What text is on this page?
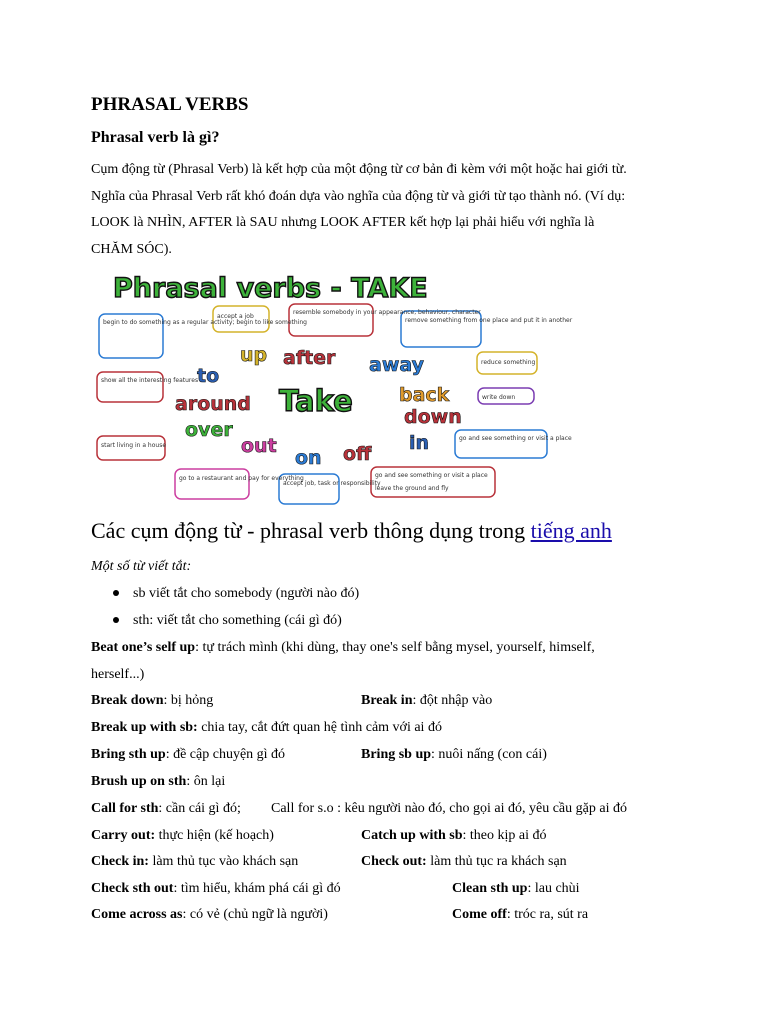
PHRASAL VERBS
Phrasal verb là gì?
Cụm động từ (Phrasal Verb) là kết hợp của một động từ cơ bản đi kèm với một hoặc hai giới từ.
Nghĩa của Phrasal Verb rất khó đoán dựa vào nghĩa của động từ và giới từ tạo thành nó. (Ví dụ:
LOOK là NHÌN, AFTER là SAU nhưng LOOK AFTER kết hợp lại phải hiểu với nghĩa là
CHĂM SÓC).
Phrasal verbs - TAKE
begin to do something as a regular activity; begin to like something
accept a job
resemble somebody in your appearance, behaviour, character
remove something from one place and put it in another
reduce something
show all the interesting features
write down
start living in a house
go and see something or visit a place
go to a restaurant and pay for everything
accept job, task or responsibility
go and see something or visit a place
leave the ground and fly
to
up after away
back
down
around
over
out
on off in
Take
Các cụm động từ - phrasal verb thông dụng trong tiếng anh
Một số từ viết tắt:
sb viết tắt cho somebody (người nào đó)
sth: viết tắt cho something (cái gì đó)
Beat one’s self up: tự trách mình (khi dùng, thay one's self bằng mysel, yourself, himself,
herself...)
Break down: bị hỏng	Break in: đột nhập vào
Break up with sb: chia tay, cắt đứt quan hệ tình cảm với ai đó
Bring sth up: đề cập chuyện gì đó	Bring sb up: nuôi nấng (con cái)
Brush up on sth: ôn lại
Call for sth: cần cái gì đó; Call for s.o : kêu người nào đó, cho gọi ai đó, yêu cầu gặp ai đó
Carry out: thực hiện (kế hoạch)	Catch up with sb: theo kịp ai đó
Check in: làm thủ tục vào khách sạn	Check out: làm thủ tục ra khách sạn
Check sth out: tìm hiểu, khám phá cái gì đó	Clean sth up: lau chùi
Come across as: có vẻ (chủ ngữ là người)	Come off: tróc ra, sút ra
